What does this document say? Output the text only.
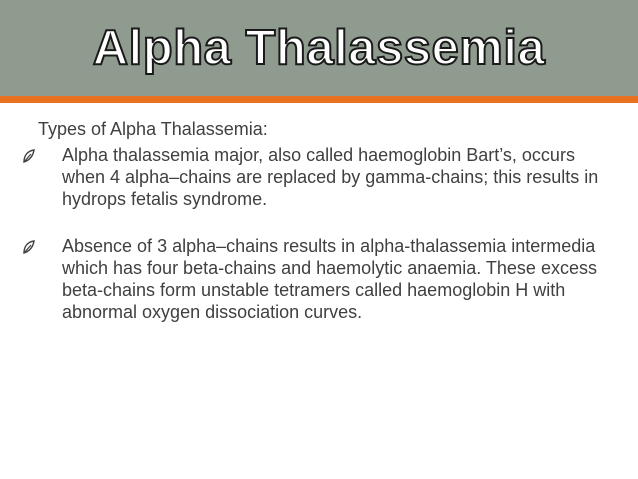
Alpha Thalassemia

Types of Alpha Thalassemia:

Alpha thalassemia major, also called haemoglobin Bart’s, occurs when 4 alpha–chains are replaced by gamma-chains; this results in hydrops fetalis syndrome.
Absence of 3 alpha–chains results in alpha-thalassemia intermedia which has four beta-chains and haemolytic anaemia. These excess beta-chains form unstable tetramers called haemoglobin H with abnormal oxygen dissociation curves.
